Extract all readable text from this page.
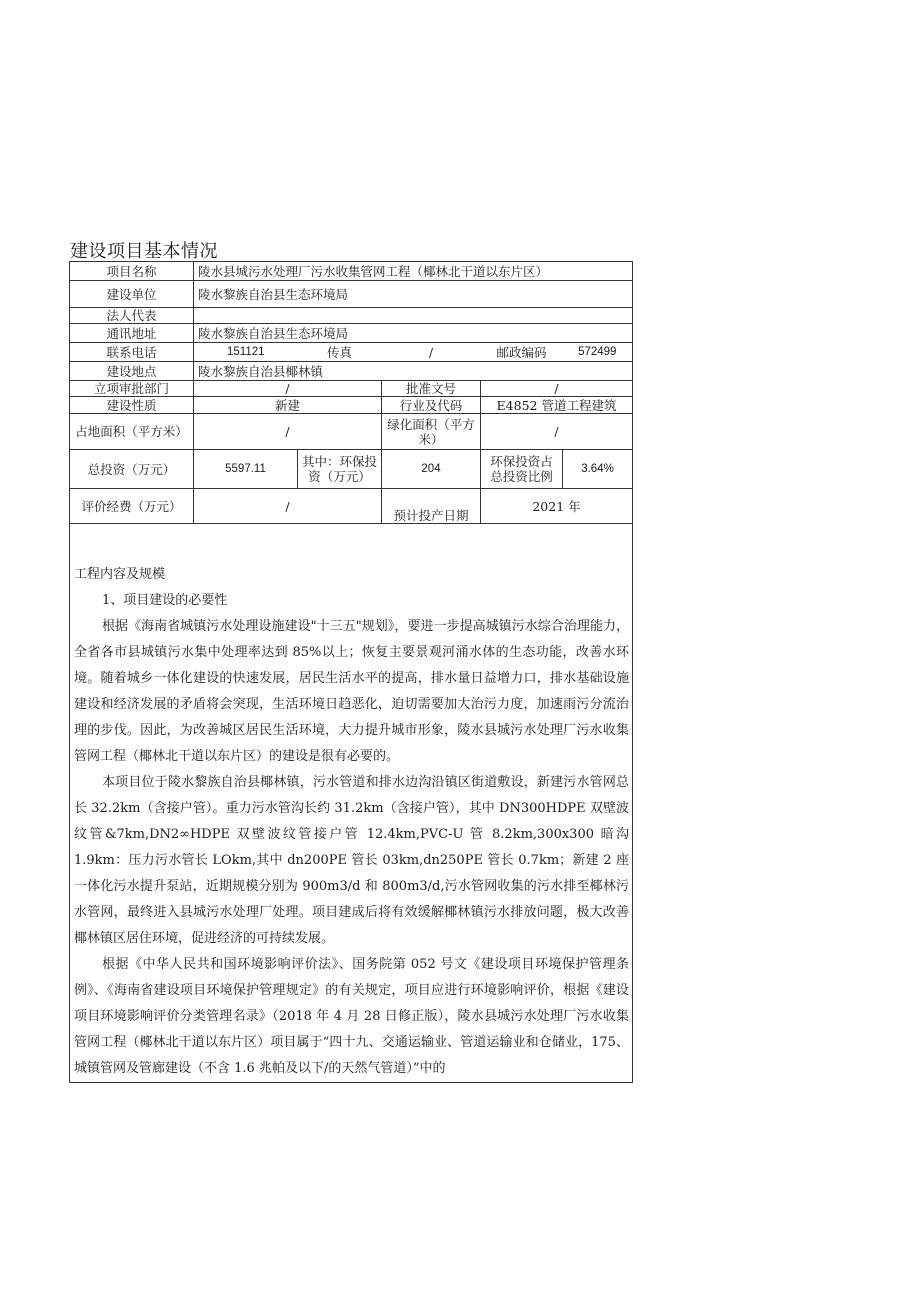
建设项目基本情况
项目名称	陵水县城污水处理厂污水收集管网工程（椰林北干道以东片区）				
建设单位	陵水黎族自治县生态环境局				
法人代表					
通讯地址	陵水黎族自治县生态环境局				
联系电话	151121	传真	/	邮政编码	572499
建设地点	陵水黎族自治县椰林镇				
立项审批部门	/		批准文号	/	
建设性质	新建		行业及代码	E4852 管道工程建筑	
占地面积（平方米）	/		绿化面积（平方米）	/	
总投资（万元）	5597.11	其中：环保投资（万元）	204	环保投资占总投资比例	3.64%
评价经费（万元）	/		预计投产日期	2021 年	

工程内容及规模

1、项目建设的必要性

根据《海南省城镇污水处理设施建设"十三五"规划》，要进一步提高城镇污水综合治理能力，全省各市县城镇污水集中处理率达到 85%以上；恢复主要景观河涌水体的生态功能，改善水环境。随着城乡一体化建设的快速发展，居民生活水平的提高，排水量日益增力口，排水基础设施建设和经济发展的矛盾将会突现，生活环境日趋恶化，迫切需要加大治污力度，加速雨污分流治理的步伐。因此，为改善城区居民生活环境，大力提升城市形象，陵水县城污水处理厂污水收集管网工程（椰林北干道以东片区）的建设是很有必要的。

本项目位于陵水黎族自治县椰林镇，污水管道和排水边沟沿镇区街道敷设，新建污水管网总长 32.2km（含接户管）。重力污水管沟长约 31.2km（含接户管），其中 DN300HDPE 双壁波纹管&7km,DN2∞HDPE 双壁波纹管接户管 12.4km,PVC-U 管 8.2km,300x300 暗沟 1.9km：压力污水管长 LOkm,其中 dn200PE 管长 03km,dn250PE 管长 0.7km；新建 2 座一体化污水提升泵站，近期规模分别为 900m3/d 和 800m3/d,污水管网收集的污水排至椰林污水管网，最终进入县城污水处理厂处理。项目建成后将有效缓解椰林镇污水排放问题，极大改善椰林镇区居住环境，促进经济的可持续发展。

根据《中华人民共和国环境影响评价法》、国务院第 052 号文《建设项目环境保护管理条例》、《海南省建设项目环境保护管理规定》的有关规定，项目应进行环境影响评价，根据《建设项目环境影响评价分类管理名录》（2018 年 4 月 28 日修正版），陵水县城污水处理厂污水收集管网工程（椰林北干道以东片区）项目属于“四十九、交通运输业、管道运输业和仓储业，175、城镇管网及管廊建设（不含 1.6 兆帕及以下/的天然气管道）”中的					
